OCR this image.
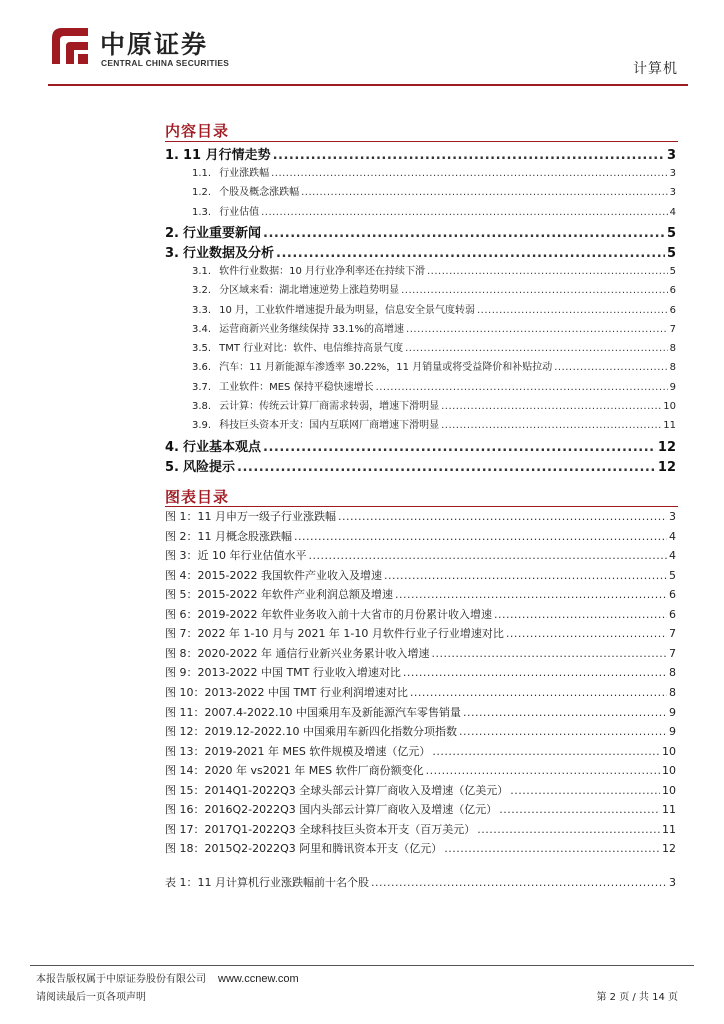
中原证券
CENTRAL CHINA SECURITIES	计算机
内容目录
图表目录
1. 11 月行情走势 .....	3
1.1. 行业涨跌幅 .....	3
1.2. 个股及概念涨跌幅 .....	3
1.3. 行业估值 .....	4
2. 行业重要新闻 .....	5
3. 行业数据及分析 .....	5
3.1. 软件行业数据：10 月行业净利率还在持续下滑 .....	5
3.2. 分区域来看：湖北增速逆势上涨趋势明显 .....	6
3.3. 10 月，工业软件增速提升最为明显，信息安全景气度转弱 .....	6
3.4. 运营商新兴业务继续保持 33.1%的高增速 .....	7
3.5. TMT 行业对比：软件、电信维持高景气度 .....	8
3.6. 汽车：11 月新能源车渗透率 30.22%，11 月销量或将受益降价和补贴拉动 .....	8
3.7. 工业软件：MES 保持平稳快速增长 .....	9
3.8. 云计算：传统云计算厂商需求转弱，增速下滑明显 .....	10
3.9. 科技巨头资本开支：国内互联网厂商增速下滑明显 .....	11
4. 行业基本观点 .....	12
5. 风险提示 .....	12
图 1： 11 月申万一级子行业涨跌幅 .....	3
图 2： 11 月概念股涨跌幅 .....	4
图 3： 近 10 年行业估值水平 .....	4
图 4： 2015-2022 我国软件产业收入及增速 .....	5
图 5： 2015-2022 年软件产业利润总额及增速 .....	6
图 6： 2019-2022 年软件业务收入前十大省市的月份累计收入增速 .....	6
图 7： 2022 年 1-10 月与 2021 年 1-10 月软件行业子行业增速对比 .....	7
图 8： 2020-2022 年 通信行业新兴业务累计收入增速 .....	7
图 9： 2013-2022 中国 TMT 行业收入增速对比 .....	8
图 10： 2013-2022 中国 TMT 行业利润增速对比 .....	8
图 11： 2007.4-2022.10 中国乘用车及新能源汽车零售销量 .....	9
图 12： 2019.12-2022.10 中国乘用车新四化指数分项指数 .....	9
图 13： 2019-2021 年 MES 软件规模及增速（亿元） .....	10
图 14： 2020 年 vs2021 年 MES 软件厂商份额变化 .....	10
图 15： 2014Q1-2022Q3 全球头部云计算厂商收入及增速（亿美元） .....	10
图 16： 2016Q2-2022Q3 国内头部云计算厂商收入及增速（亿元） .....	11
图 17： 2017Q1-2022Q3 全球科技巨头资本开支（百万美元） .....	11
图 18： 2015Q2-2022Q3 阿里和腾讯资本开支（亿元） .....	12
表 1： 11 月计算机行业涨跌幅前十名个股 .....	3
本报告版权属于中原证券股份有限公司 www.ccnew.com
请阅读最后一页各项声明	第 2 页 / 共 14 页
